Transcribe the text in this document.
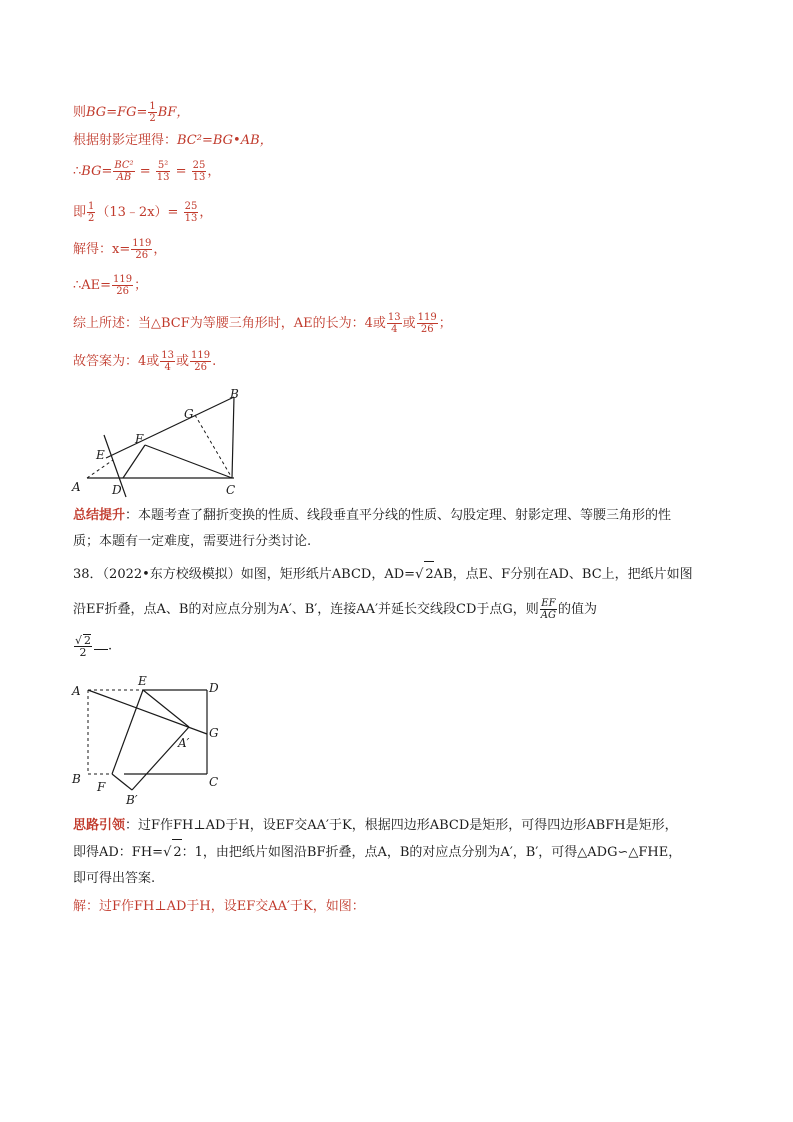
则$BG=FG= \frac{1}{2}$ BF，
根据射影定理得：BC²=BG•AB，
∴BG= $\frac{\text{BC²}}{AB} = \frac{\text{5²}}{13} = \frac{25}{13}$ ，
即 $\frac{1}{2}$ （13﹣2x）= $\frac{25}{13}$ ，
解得：$x= \frac{119}{26}$ ，
∴AE= $\frac{119}{26}$ ；
综上所述：当△BCF为等腰三角形时，AE的长为：4或 $\frac{13}{4}$ 或 $\frac{119}{26}$ ；
故答案为：4或 $\frac{13}{4}$ 或 $\frac{119}{26}$ .
B
G
F
E
A	D	C
总结提升：本题考查了翻折变换的性质、线段垂直平分线的性质、勾股定理、射影定理、等腰三角形的性
质；本题有一定难度，需要进行分类讨论.
38．（2022•东方校级模拟）如图，矩形纸片ABCD，AD=√ 2AB，点E、F分别在AD、BC上，把纸片如图
沿EF折叠，点A、B的对应点分别为A′、B′，连接AA′并延长交线段CD于点G，则 $\frac{EF}{AG}$ 的值为
$\frac{√ 2}{2}$ .
A
E	D
A′
G
B
F
B′
C
思路引领：过F作FH⊥AD于H，设EF交AA′于K，根据四边形ABCD是矩形，可得四边形ABFH是矩形，
即得AD：FH=√ 2：1，由把纸片如图沿BF折叠，点A，B的对应点分别为A′，B′，可得△ADG∽△FHE，
即可得出答案.
解：过F作FH⊥AD于H，设EF交AA′于K，如图：
